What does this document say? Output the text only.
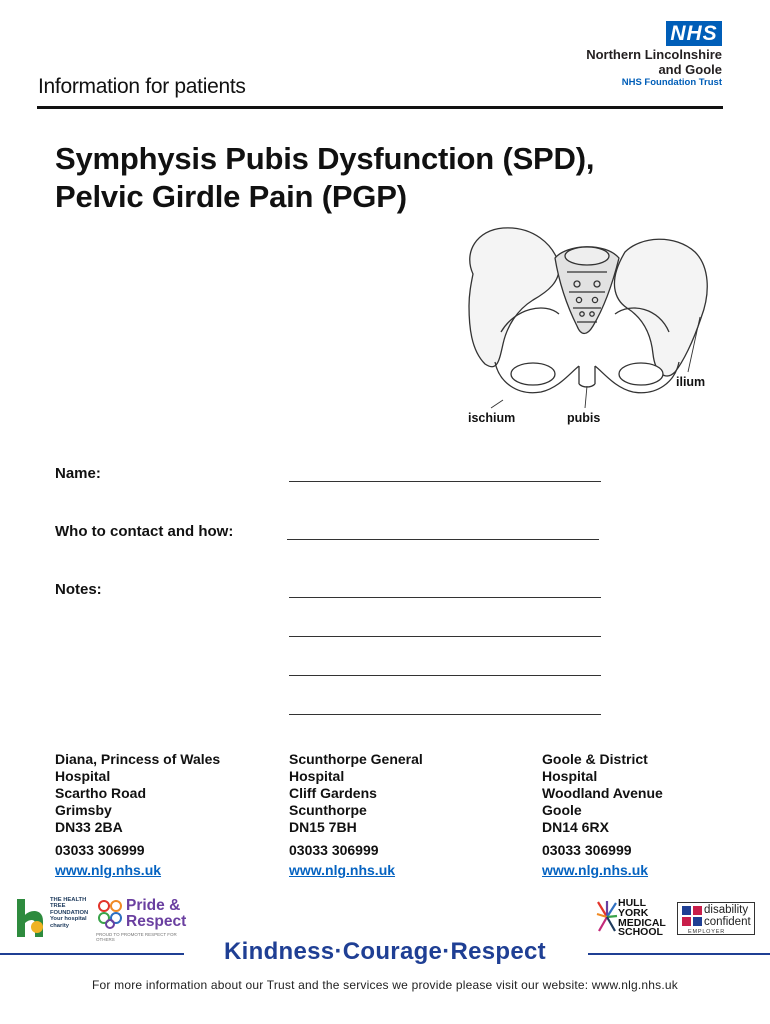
NHS
Northern Lincolnshire
and Goole
NHS Foundation Trust
Information for patients
Symphysis Pubis Dysfunction (SPD),
Pelvic Girdle Pain (PGP)
ilium
ischium	pubis
Name:
Who to contact and how:
Notes:
Diana, Princess of Wales
Hospital
Scartho Road
Grimsby
DN33 2BA
03033 306999
www.nlg.nhs.uk
Scunthorpe General
Hospital
Cliff Gardens
Scunthorpe
DN15 7BH
03033 306999
www.nlg.nhs.uk
Goole & District
Hospital
Woodland Avenue
Goole
DN14 6RX
03033 306999
www.nlg.nhs.uk
THE HEALTH TREE FOUNDATION Your hospital charity
Pride &
Respect
PROUD TO PROMOTE RESPECT FOR OTHERS
HULL
YORK
MEDICAL
SCHOOL
disability
confident
EMPLOYER
Kindness·Courage·Respect
For more information about our Trust and the services we provide please visit our website: www.nlg.nhs.uk
